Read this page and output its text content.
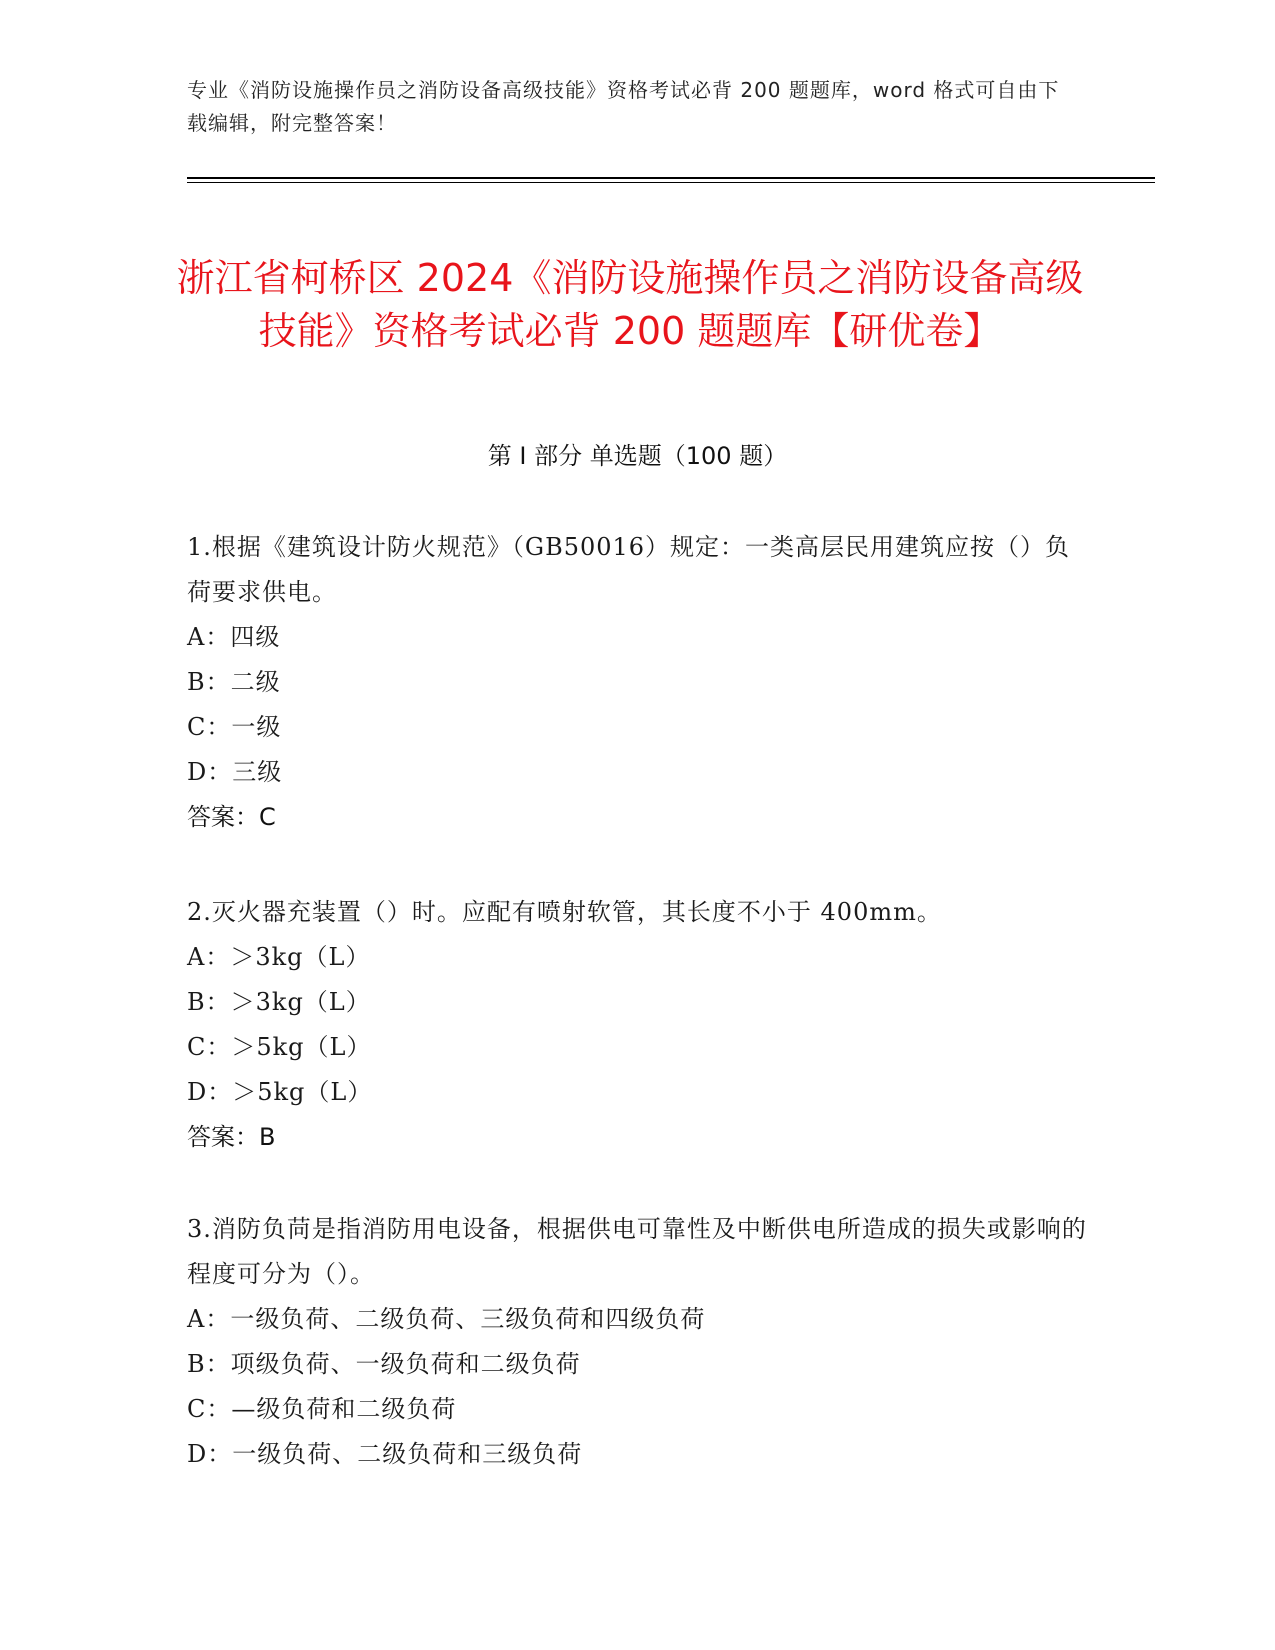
专业《消防设施操作员之消防设备高级技能》资格考试必背 200 题题库，word 格式可自由下载编辑，附完整答案！
浙江省柯桥区 2024《消防设施操作员之消防设备高级技能》资格考试必背 200 题题库【研优卷】
第 I 部分 单选题（100 题）
1.根据《建筑设计防火规范》（GB50016）规定：一类高层民用建筑应按（）负荷要求供电。
A：四级
B：二级
C：一级
D：三级
答案：C
2.灭火器充装置（）时。应配有喷射软管，其长度不小于 400mm。
A：＞3kg（L）
B：＞3kg（L）
C：＞5kg（L）
D：＞5kg（L）
答案：B
3.消防负苘是指消防用电设备，根据供电可靠性及中断供电所造成的损失或影响的程度可分为（）。
A：一级负荷、二级负荷、三级负荷和四级负荷
B：项级负荷、一级负荷和二级负荷
C：—级负荷和二级负荷
D：一级负荷、二级负荷和三级负荷
